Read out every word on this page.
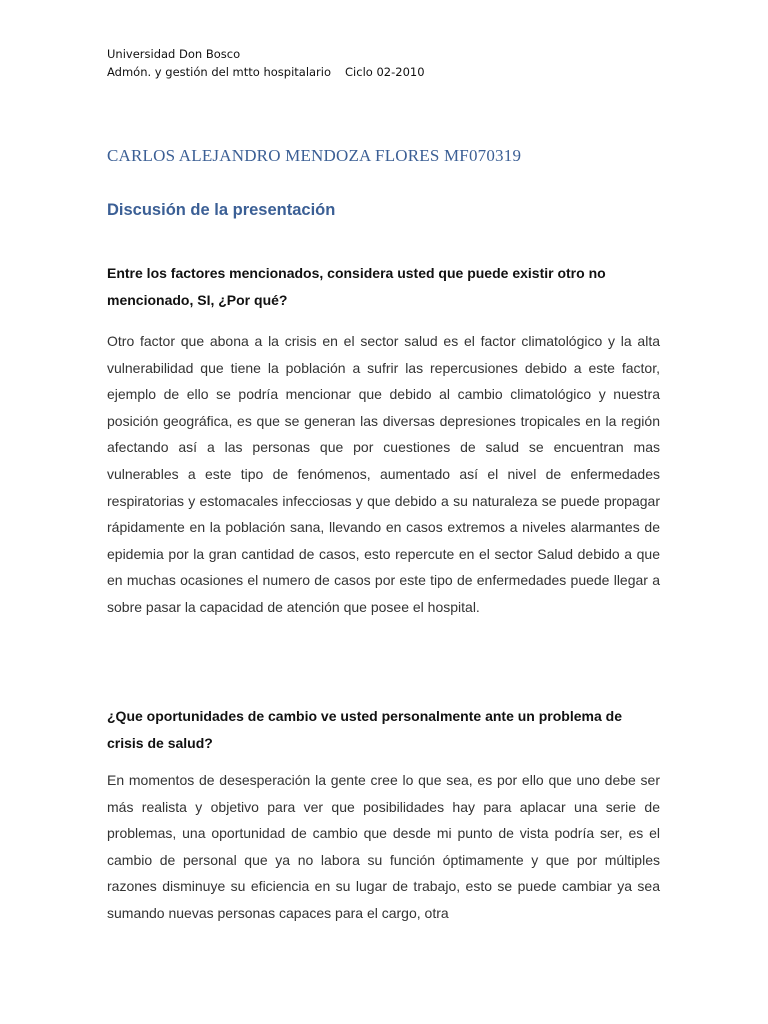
Universidad Don Bosco
Admón. y gestión del mtto hospitalario Ciclo 02-2010
CARLOS ALEJANDRO MENDOZA FLORES MF070319
Discusión de la presentación
Entre los factores mencionados, considera usted que puede existir otro no mencionado, SI, ¿Por qué?
Otro factor que abona a la crisis en el sector salud es el factor climatológico y la alta vulnerabilidad que tiene la población a sufrir las repercusiones debido a este factor, ejemplo de ello se podría mencionar que debido al cambio climatológico y nuestra posición geográfica, es que se generan las diversas depresiones tropicales en la región afectando así a las personas que por cuestiones de salud se encuentran mas vulnerables a este tipo de fenómenos, aumentado así el nivel de enfermedades respiratorias y estomacales infecciosas y que debido a su naturaleza se puede propagar rápidamente en la población sana, llevando en casos extremos a niveles alarmantes de epidemia por la gran cantidad de casos, esto repercute en el sector Salud debido a que en muchas ocasiones el numero de casos por este tipo de enfermedades puede llegar a sobre pasar la capacidad de atención que posee el hospital.
¿Que oportunidades de cambio ve usted personalmente ante un problema de crisis de salud?
En momentos de desesperación la gente cree lo que sea, es por ello que uno debe ser más realista y objetivo para ver que posibilidades hay para aplacar una serie de problemas, una oportunidad de cambio que desde mi punto de vista podría ser, es el cambio de personal que ya no labora su función óptimamente y que por múltiples razones disminuye su eficiencia en su lugar de trabajo, esto se puede cambiar ya sea sumando nuevas personas capaces para el cargo, otra
